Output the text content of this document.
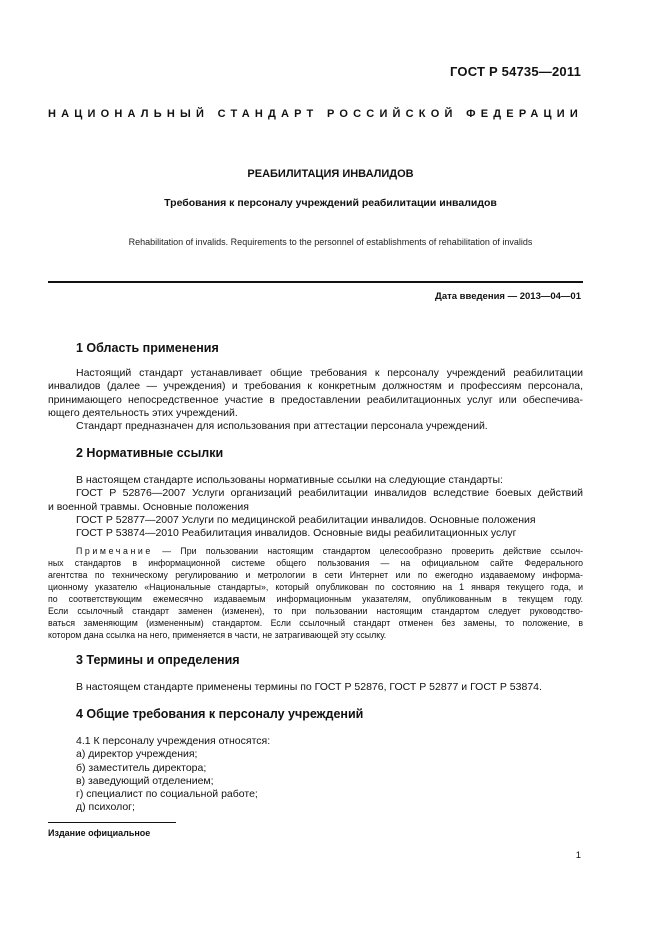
ГОСТ Р 54735—2011
НАЦИОНАЛЬНЫЙ СТАНДАРТ РОССИЙСКОЙ ФЕДЕРАЦИИ
РЕАБИЛИТАЦИЯ ИНВАЛИДОВ
Требования к персоналу учреждений реабилитации инвалидов
Rehabilitation of invalids. Requirements to the personnel of establishments of rehabilitation of invalids
Дата введения — 2013—04—01
1 Область применения
Настоящий стандарт устанавливает общие требования к персоналу учреждений реабилитации
инвалидов (далее — учреждения) и требования к конкретным должностям и профессиям персонала,
принимающего непосредственное участие в предоставлении реабилитационных услуг или обеспечива-
ющего деятельность этих учреждений.
Стандарт предназначен для использования при аттестации персонала учреждений.
2 Нормативные ссылки
В настоящем стандарте использованы нормативные ссылки на следующие стандарты:
ГОСТ Р 52876—2007 Услуги организаций реабилитации инвалидов вследствие боевых действий
и военной травмы. Основные положения
ГОСТ Р 52877—2007 Услуги по медицинской реабилитации инвалидов. Основные положения
ГОСТ Р 53874—2010 Реабилитация инвалидов. Основные виды реабилитационных услуг
Примечание — При пользовании настоящим стандартом целесообразно проверить действие ссылоч-
ных стандартов в информационной системе общего пользования — на официальном сайте Федерального
агентства по техническому регулированию и метрологии в сети Интернет или по ежегодно издаваемому информа-
ционному указателю «Национальные стандарты», который опубликован по состоянию на 1 января текущего года, и
по соответствующим ежемесячно издаваемым информационным указателям, опубликованным в текущем году.
Если ссылочный стандарт заменен (изменен), то при пользовании настоящим стандартом следует руководство-
ваться заменяющим (измененным) стандартом. Если ссылочный стандарт отменен без замены, то положение, в
котором дана ссылка на него, применяется в части, не затрагивающей эту ссылку.
3 Термины и определения
В настоящем стандарте применены термины по ГОСТ Р 52876, ГОСТ Р 52877 и ГОСТ Р 53874.
4 Общие требования к персоналу учреждений
4.1 К персоналу учреждения относятся:
а) директор учреждения;
б) заместитель директора;
в) заведующий отделением;
г) специалист по социальной работе;
д) психолог;
Издание официальное
1
